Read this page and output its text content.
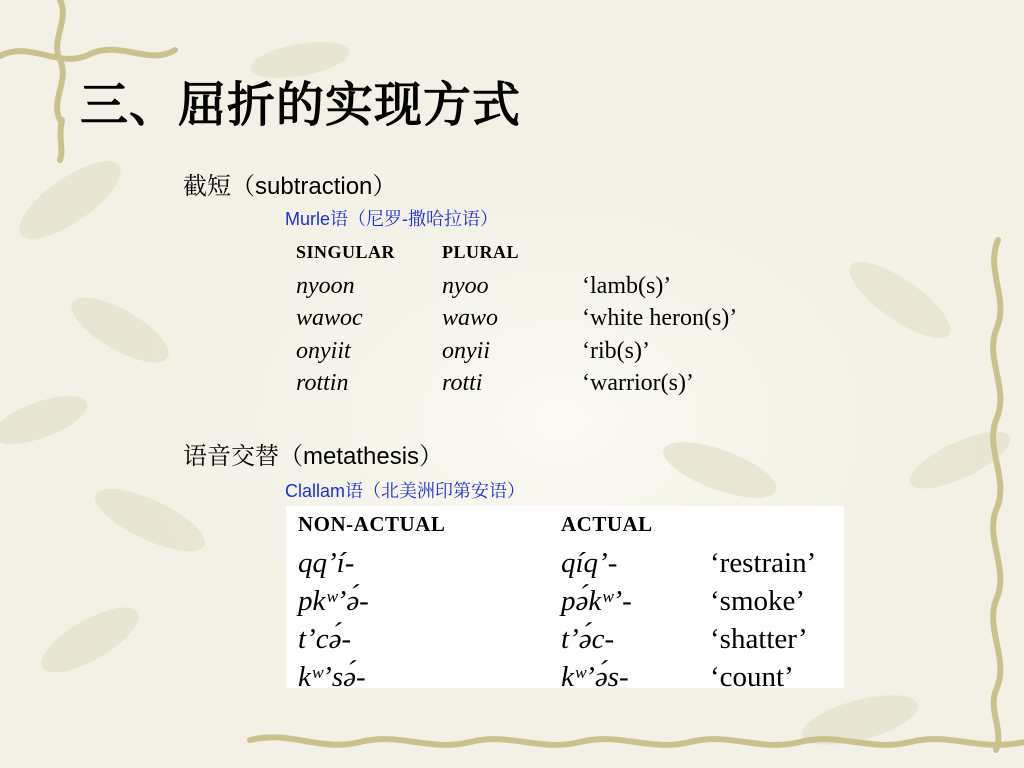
三、屈折的实现方式
截短（subtraction）
Murle语（尼罗-撒哈拉语）
SINGULAR	PLURAL	
nyoon	nyoo	‘lamb(s)’
wawoc	wawo	‘white heron(s)’
onyiit	onyii	‘rib(s)’
rottin	rotti	‘warrior(s)’
语音交替（metathesis）
Clallam语（北美洲印第安语）
NON-ACTUAL	ACTUAL	
qqʼí-	qíqʼ-	‘restrain’
pkʷʼə́-	pə́kʷʼ-	‘smoke’
tʼcə́-	tʼə́c-	‘shatter’
kʷʼsə́-	kʷʼə́s-	‘count’
